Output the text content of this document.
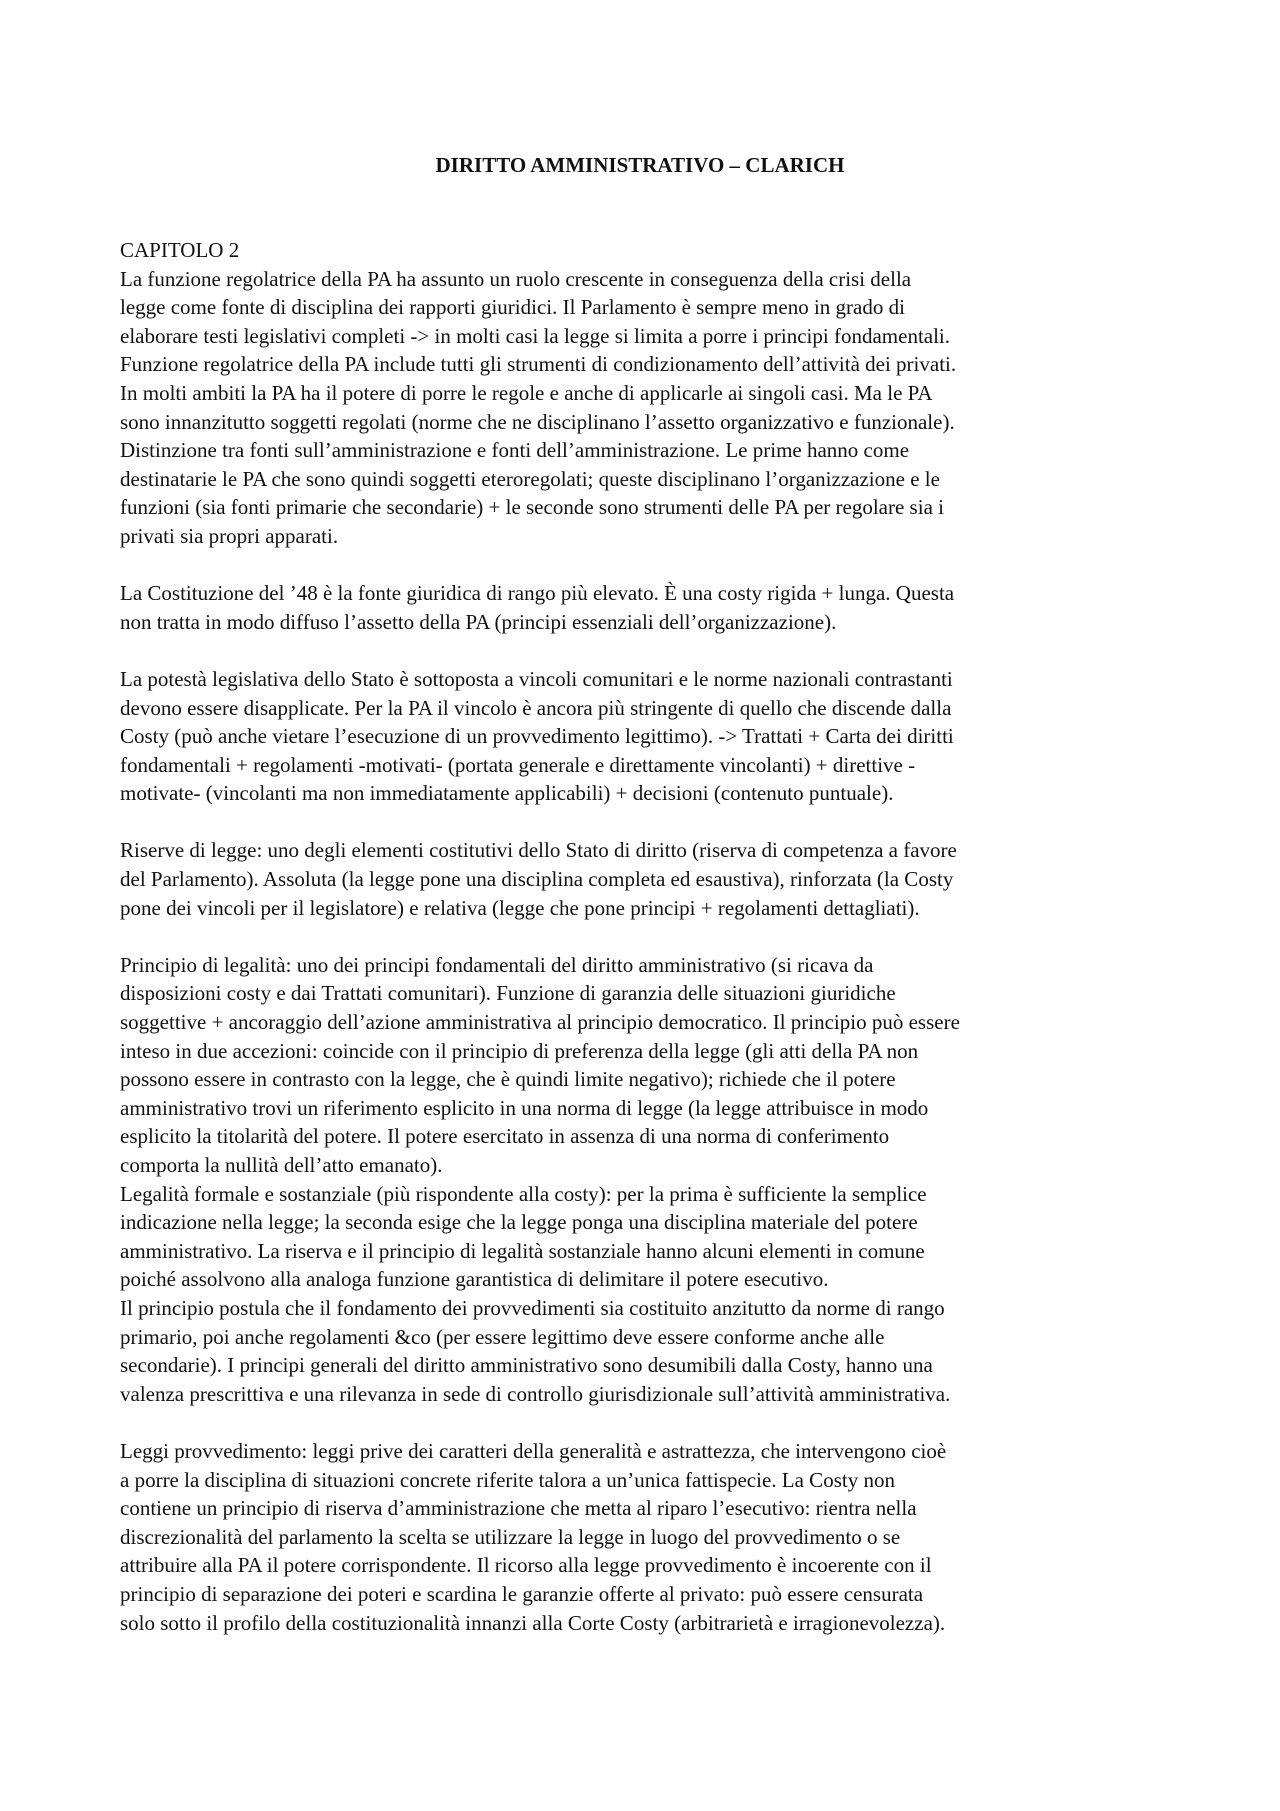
DIRITTO AMMINISTRATIVO – CLARICH
CAPITOLO 2
La funzione regolatrice della PA ha assunto un ruolo crescente in conseguenza della crisi della
legge come fonte di disciplina dei rapporti giuridici. Il Parlamento è sempre meno in grado di
elaborare testi legislativi completi -> in molti casi la legge si limita a porre i principi fondamentali.
Funzione regolatrice della PA include tutti gli strumenti di condizionamento dell’attività dei privati.
In molti ambiti la PA ha il potere di porre le regole e anche di applicarle ai singoli casi. Ma le PA
sono innanzitutto soggetti regolati (norme che ne disciplinano l’assetto organizzativo e funzionale).
Distinzione tra fonti sull’amministrazione e fonti dell’amministrazione. Le prime hanno come
destinatarie le PA che sono quindi soggetti eteroregolati; queste disciplinano l’organizzazione e le
funzioni (sia fonti primarie che secondarie) + le seconde sono strumenti delle PA per regolare sia i
privati sia propri apparati.
La Costituzione del ’48 è la fonte giuridica di rango più elevato. È una costy rigida + lunga. Questa
non tratta in modo diffuso l’assetto della PA (principi essenziali dell’organizzazione).
La potestà legislativa dello Stato è sottoposta a vincoli comunitari e le norme nazionali contrastanti
devono essere disapplicate. Per la PA il vincolo è ancora più stringente di quello che discende dalla
Costy (può anche vietare l’esecuzione di un provvedimento legittimo). -> Trattati + Carta dei diritti
fondamentali + regolamenti -motivati- (portata generale e direttamente vincolanti) + direttive -
motivate- (vincolanti ma non immediatamente applicabili) + decisioni (contenuto puntuale).
Riserve di legge: uno degli elementi costitutivi dello Stato di diritto (riserva di competenza a favore
del Parlamento). Assoluta (la legge pone una disciplina completa ed esaustiva), rinforzata (la Costy
pone dei vincoli per il legislatore) e relativa (legge che pone principi + regolamenti dettagliati).
Principio di legalità: uno dei principi fondamentali del diritto amministrativo (si ricava da
disposizioni costy e dai Trattati comunitari). Funzione di garanzia delle situazioni giuridiche
soggettive + ancoraggio dell’azione amministrativa al principio democratico. Il principio può essere
inteso in due accezioni: coincide con il principio di preferenza della legge (gli atti della PA non
possono essere in contrasto con la legge, che è quindi limite negativo); richiede che il potere
amministrativo trovi un riferimento esplicito in una norma di legge (la legge attribuisce in modo
esplicito la titolarità del potere. Il potere esercitato in assenza di una norma di conferimento
comporta la nullità dell’atto emanato).
Legalità formale e sostanziale (più rispondente alla costy): per la prima è sufficiente la semplice
indicazione nella legge; la seconda esige che la legge ponga una disciplina materiale del potere
amministrativo. La riserva e il principio di legalità sostanziale hanno alcuni elementi in comune
poiché assolvono alla analoga funzione garantistica di delimitare il potere esecutivo.
Il principio postula che il fondamento dei provvedimenti sia costituito anzitutto da norme di rango
primario, poi anche regolamenti &co (per essere legittimo deve essere conforme anche alle
secondarie). I principi generali del diritto amministrativo sono desumibili dalla Costy, hanno una
valenza prescrittiva e una rilevanza in sede di controllo giurisdizionale sull’attività amministrativa.
Leggi provvedimento: leggi prive dei caratteri della generalità e astrattezza, che intervengono cioè
a porre la disciplina di situazioni concrete riferite talora a un’unica fattispecie. La Costy non
contiene un principio di riserva d’amministrazione che metta al riparo l’esecutivo: rientra nella
discrezionalità del parlamento la scelta se utilizzare la legge in luogo del provvedimento o se
attribuire alla PA il potere corrispondente. Il ricorso alla legge provvedimento è incoerente con il
principio di separazione dei poteri e scardina le garanzie offerte al privato: può essere censurata
solo sotto il profilo della costituzionalità innanzi alla Corte Costy (arbitrarietà e irragionevolezza).
